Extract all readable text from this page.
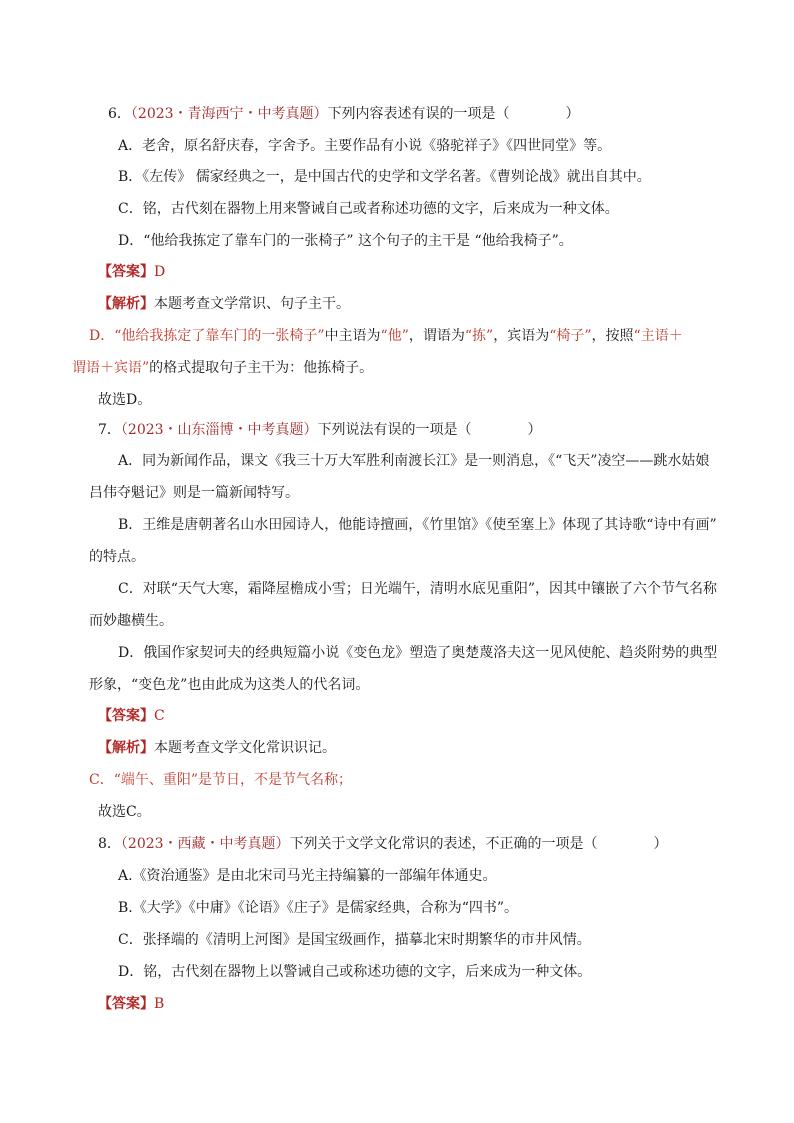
6．（2023・青海西宁・中考真题）下列内容表述有误的一项是（　　　　）
A．老舍，原名舒庆春，字舍予。主要作品有小说《骆驼祥子》《四世同堂》等。
B．《左传》 儒家经典之一，是中国古代的史学和文学名著。《曹刿论战》就出自其中。
C．铭，古代刻在器物上用来警诫自己或者称述功德的文字，后来成为一种文体。
D．“他给我拣定了靠车门的一张椅子” 这个句子的主干是 “他给我椅子”。
【答案】D
【解析】本题考查文学常识、句子主干。
D．“他给我拣定了靠车门的一张椅子”中主语为“他”，谓语为“拣”，宾语为“椅子”，按照“主语＋
谓语＋宾语”的格式提取句子主干为：他拣椅子。
故选D。
7．（2023・山东淄博・中考真题）下列说法有误的一项是（　　　　）
A．同为新闻作品，课文《我三十万大军胜利南渡长江》是一则消息，《“飞天”凌空——跳水姑娘
吕伟夺魁记》则是一篇新闻特写。
B．王维是唐朝著名山水田园诗人，他能诗擅画，《竹里馆》《使至塞上》体现了其诗歌“诗中有画”
的特点。
C．对联“天气大寒，霜降屋檐成小雪；日光端午，清明水底见重阳”，因其中镶嵌了六个节气名称
而妙趣横生。
D．俄国作家契诃夫的经典短篇小说《变色龙》塑造了奥楚蔑洛夫这一见风使舵、趋炎附势的典型
形象，“变色龙”也由此成为这类人的代名词。
【答案】C
【解析】本题考查文学文化常识识记。
C．“端午、重阳”是节日，不是节气名称；
故选C。
8．（2023・西藏・中考真题）下列关于文学文化常识的表述，不正确的一项是（　　　　）
A.《资治通鉴》是由北宋司马光主持编纂的一部编年体通史。
B.《大学》《中庸》《论语》《庄子》是儒家经典，合称为“四书”。
C．张择端的《清明上河图》是国宝级画作，描摹北宋时期繁华的市井风情。
D．铭，古代刻在器物上以警诫自己或称述功德的文字，后来成为一种文体。
【答案】B
